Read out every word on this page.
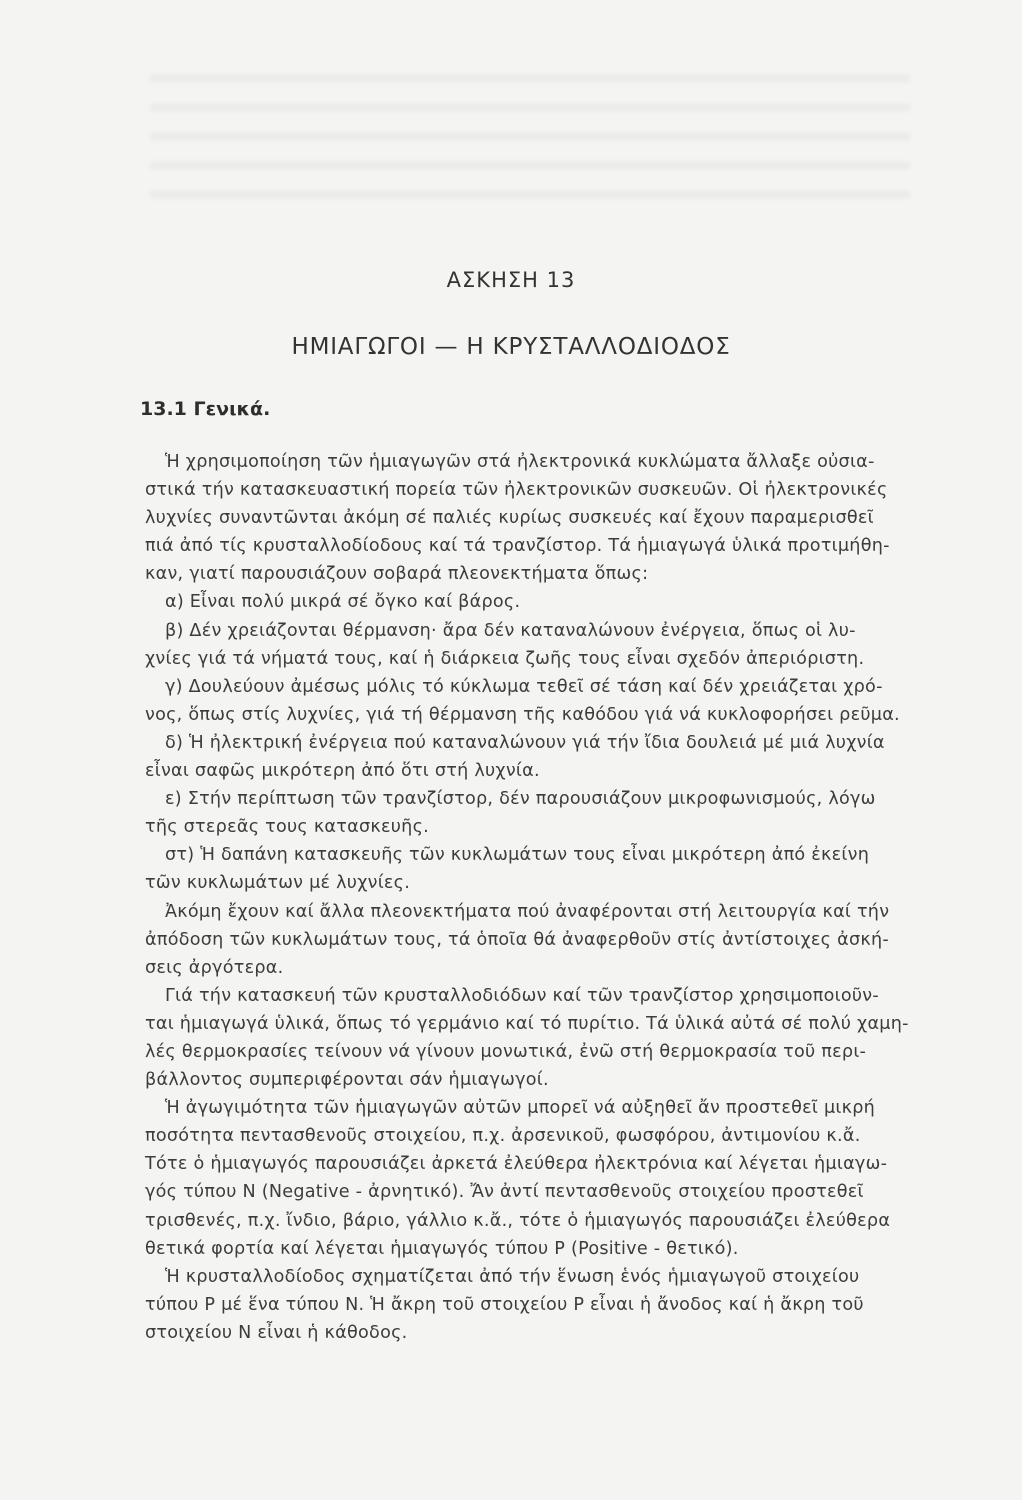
ΑΣΚΗΣΗ 13
ΗΜΙΑΓΩΓΟΙ — Η ΚΡΥΣΤΑΛΛΟΔΙΟΔΟΣ
13.1 Γενικά.
Ἡ χρησιμοποίηση τῶν ἡμιαγωγῶν στά ἠλεκτρονικά κυκλώματα ἄλλαξε οὐσια-
στικά τήν κατασκευαστική πορεία τῶν ἠλεκτρονικῶν συσκευῶν. Οἱ ἠλεκτρονικές
λυχνίες συναντῶνται ἀκόμη σέ παλιές κυρίως συσκευές καί ἔχουν παραμερισθεῖ
πιά ἀπό τίς κρυσταλλοδίοδους καί τά τρανζίστορ. Τά ἡμιαγωγά ὑλικά προτιμήθη-
καν, γιατί παρουσιάζουν σοβαρά πλεονεκτήματα ὅπως:
α) Εἶναι πολύ μικρά σέ ὄγκο καί βάρος.
β) Δέν χρειάζονται θέρμανση· ἄρα δέν καταναλώνουν ἐνέργεια, ὅπως οἱ λυ-
χνίες γιά τά νήματά τους, καί ἡ διάρκεια ζωῆς τους εἶναι σχεδόν ἀπεριόριστη.
γ) Δουλεύουν ἀμέσως μόλις τό κύκλωμα τεθεῖ σέ τάση καί δέν χρειάζεται χρό-
νος, ὅπως στίς λυχνίες, γιά τή θέρμανση τῆς καθόδου γιά νά κυκλοφορήσει ρεῦμα.
δ) Ἡ ἠλεκτρική ἐνέργεια πού καταναλώνουν γιά τήν ἴδια δουλειά μέ μιά λυχνία
εἶναι σαφῶς μικρότερη ἀπό ὅτι στή λυχνία.
ε) Στήν περίπτωση τῶν τρανζίστορ, δέν παρουσιάζουν μικροφωνισμούς, λόγω
τῆς στερεᾶς τους κατασκευῆς.
στ) Ἡ δαπάνη κατασκευῆς τῶν κυκλωμάτων τους εἶναι μικρότερη ἀπό ἐκείνη
τῶν κυκλωμάτων μέ λυχνίες.
Ἀκόμη ἔχουν καί ἄλλα πλεονεκτήματα πού ἀναφέρονται στή λειτουργία καί τήν
ἀπόδοση τῶν κυκλωμάτων τους, τά ὁποῖα θά ἀναφερθοῦν στίς ἀντίστοιχες ἀσκή-
σεις ἀργότερα.
Γιά τήν κατασκευή τῶν κρυσταλλοδιόδων καί τῶν τρανζίστορ χρησιμοποιοῦν-
ται ἡμιαγωγά ὑλικά, ὅπως τό γερμάνιο καί τό πυρίτιο. Τά ὑλικά αὐτά σέ πολύ χαμη-
λές θερμοκρασίες τείνουν νά γίνουν μονωτικά, ἐνῶ στή θερμοκρασία τοῦ περι-
βάλλοντος συμπεριφέρονται σάν ἡμιαγωγοί.
Ἡ ἀγωγιμότητα τῶν ἡμιαγωγῶν αὐτῶν μπορεῖ νά αὐξηθεῖ ἄν προστεθεῖ μικρή
ποσότητα πεντασθενοῦς στοιχείου, π.χ. ἀρσενικοῦ, φωσφόρου, ἀντιμονίου κ.ἄ.
Τότε ὁ ἡμιαγωγός παρουσιάζει ἀρκετά ἐλεύθερα ἠλεκτρόνια καί λέγεται ἡμιαγω-
γός τύπου N (Negative - ἀρνητικό). Ἄν ἀντί πεντασθενοῦς στοιχείου προστεθεῖ
τρισθενές, π.χ. ἴνδιο, βάριο, γάλλιο κ.ἄ., τότε ὁ ἡμιαγωγός παρουσιάζει ἐλεύθερα
θετικά φορτία καί λέγεται ἡμιαγωγός τύπου P (Positive - θετικό).
Ἡ κρυσταλλοδίοδος σχηματίζεται ἀπό τήν ἕνωση ἑνός ἡμιαγωγοῦ στοιχείου
τύπου P μέ ἕνα τύπου N. Ἡ ἄκρη τοῦ στοιχείου P εἶναι ἡ ἄνοδος καί ἡ ἄκρη τοῦ
στοιχείου N εἶναι ἡ κάθοδος.
